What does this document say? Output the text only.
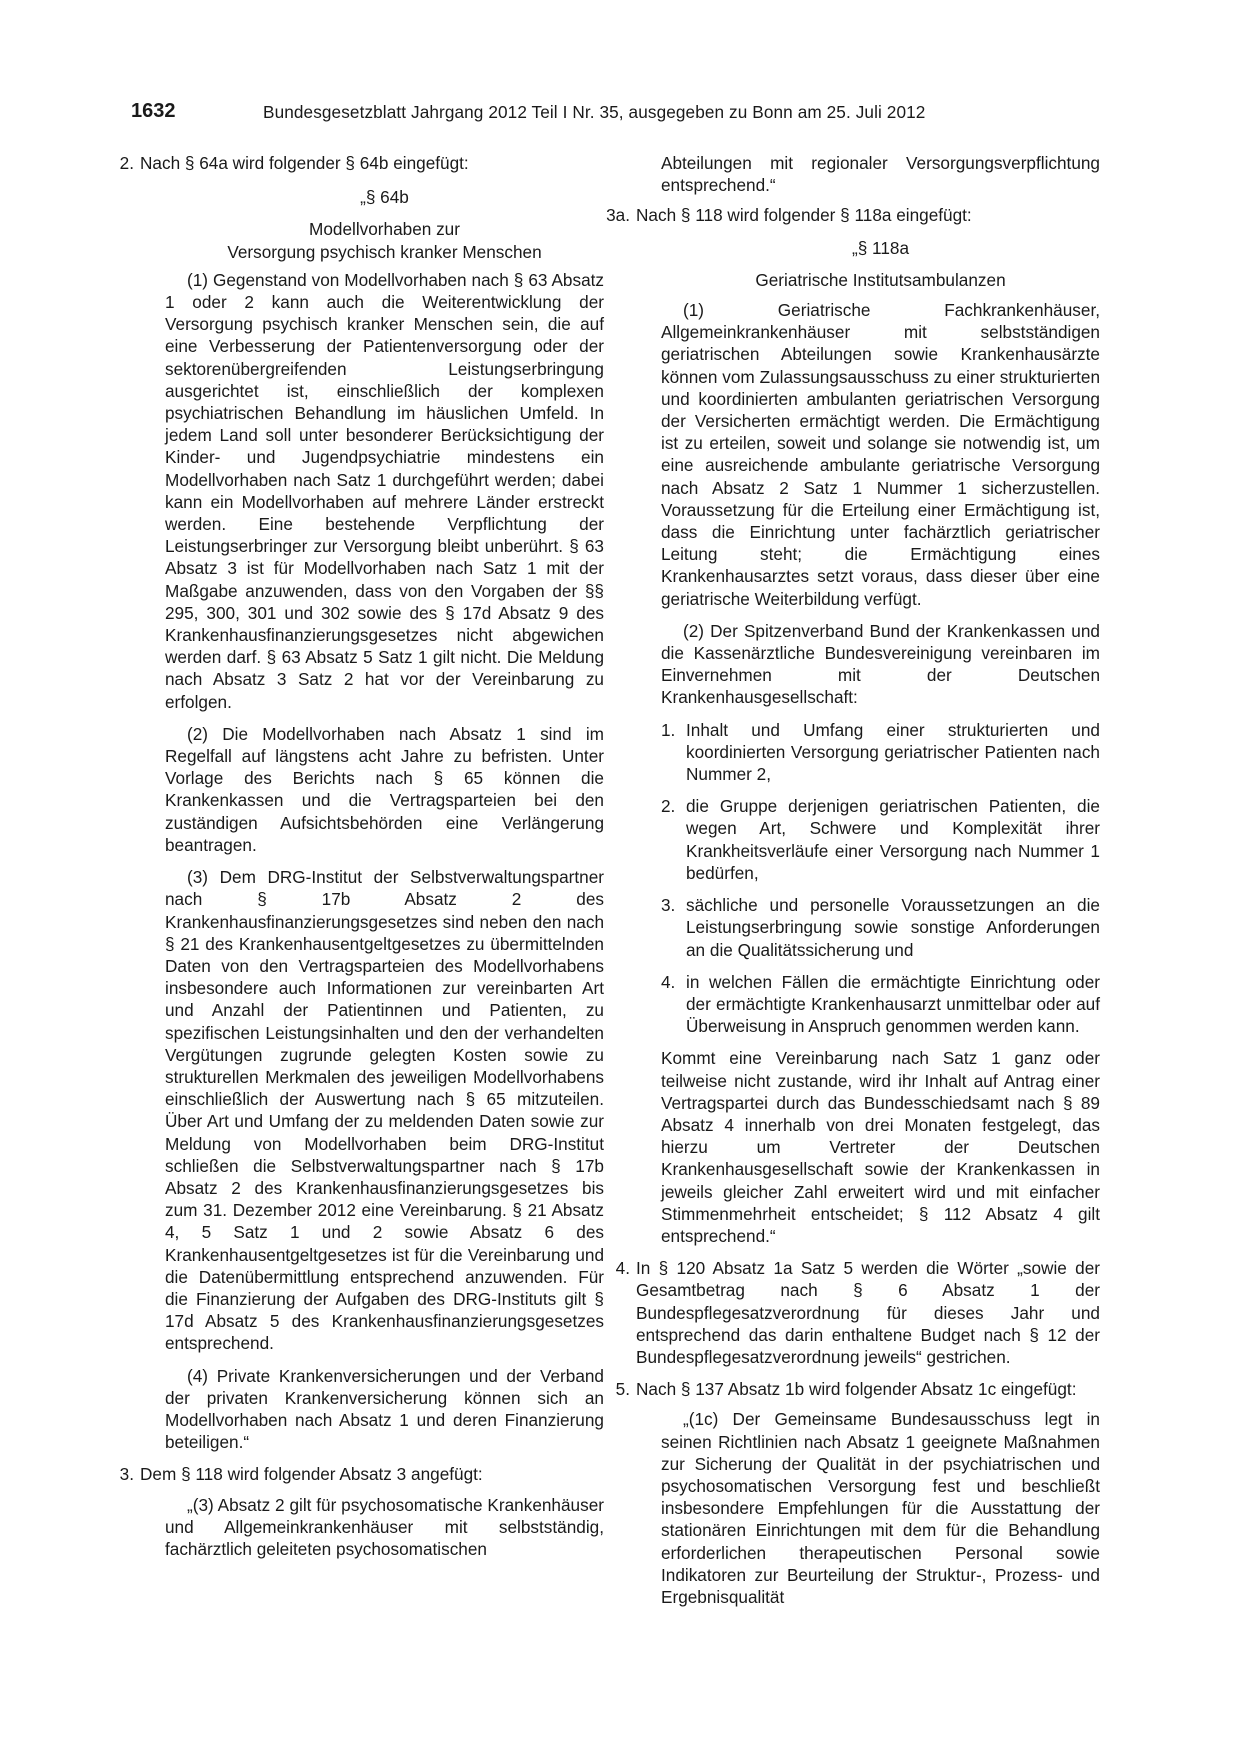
1632	Bundesgesetzblatt Jahrgang 2012 Teil I Nr. 35, ausgegeben zu Bonn am 25. Juli 2012
2. Nach § 64a wird folgender § 64b eingefügt:
„§ 64b
Modellvorhaben zur
Versorgung psychisch kranker Menschen

(1) Gegenstand von Modellvorhaben nach § 63 Absatz 1 oder 2 kann auch die Weiterentwicklung der Versorgung psychisch kranker Menschen sein, die auf eine Verbesserung der Patientenversorgung oder der sektorenübergreifenden Leistungserbringung ausgerichtet ist, einschließlich der komplexen psychiatrischen Behandlung im häuslichen Umfeld. In jedem Land soll unter besonderer Berücksichtigung der Kinder- und Jugendpsychiatrie mindestens ein Modellvorhaben nach Satz 1 durchgeführt werden; dabei kann ein Modellvorhaben auf mehrere Länder erstreckt werden. Eine bestehende Verpflichtung der Leistungserbringer zur Versorgung bleibt unberührt. § 63 Absatz 3 ist für Modellvorhaben nach Satz 1 mit der Maßgabe anzuwenden, dass von den Vorgaben der §§ 295, 300, 301 und 302 sowie des § 17d Absatz 9 des Krankenhausfinanzierungsgesetzes nicht abgewichen werden darf. § 63 Absatz 5 Satz 1 gilt nicht. Die Meldung nach Absatz 3 Satz 2 hat vor der Vereinbarung zu erfolgen.

(2) Die Modellvorhaben nach Absatz 1 sind im Regelfall auf längstens acht Jahre zu befristen. Unter Vorlage des Berichts nach § 65 können die Krankenkassen und die Vertragsparteien bei den zuständigen Aufsichtsbehörden eine Verlängerung beantragen.

(3) Dem DRG-Institut der Selbstverwaltungspartner nach § 17b Absatz 2 des Krankenhausfinanzierungsgesetzes sind neben den nach § 21 des Krankenhausentgeltgesetzes zu übermittelnden Daten von den Vertragsparteien des Modellvorhabens insbesondere auch Informationen zur vereinbarten Art und Anzahl der Patientinnen und Patienten, zu spezifischen Leistungsinhalten und den der verhandelten Vergütungen zugrunde gelegten Kosten sowie zu strukturellen Merkmalen des jeweiligen Modellvorhabens einschließlich der Auswertung nach § 65 mitzuteilen. Über Art und Umfang der zu meldenden Daten sowie zur Meldung von Modellvorhaben beim DRG-Institut schließen die Selbstverwaltungspartner nach § 17b Absatz 2 des Krankenhausfinanzierungsgesetzes bis zum 31. Dezember 2012 eine Vereinbarung. § 21 Absatz 4, 5 Satz 1 und 2 sowie Absatz 6 des Krankenhausentgeltgesetzes ist für die Vereinbarung und die Datenübermittlung entsprechend anzuwenden. Für die Finanzierung der Aufgaben des DRG-Instituts gilt § 17d Absatz 5 des Krankenhausfinanzierungsgesetzes entsprechend.

(4) Private Krankenversicherungen und der Verband der privaten Krankenversicherung können sich an Modellvorhaben nach Absatz 1 und deren Finanzierung beteiligen.“

3. Dem § 118 wird folgender Absatz 3 angefügt:

„(3) Absatz 2 gilt für psychosomatische Krankenhäuser und Allgemeinkrankenhäuser mit selbstständig, fachärztlich geleiteten psychosomatischen

Abteilungen mit regionaler Versorgungsverpflichtung entsprechend.“

3a. Nach § 118 wird folgender § 118a eingefügt:
„§ 118a
Geriatrische Institutsambulanzen

(1) Geriatrische Fachkrankenhäuser, Allgemeinkrankenhäuser mit selbstständigen geriatrischen Abteilungen sowie Krankenhausärzte können vom Zulassungsausschuss zu einer strukturierten und koordinierten ambulanten geriatrischen Versorgung der Versicherten ermächtigt werden. Die Ermächtigung ist zu erteilen, soweit und solange sie notwendig ist, um eine ausreichende ambulante geriatrische Versorgung nach Absatz 2 Satz 1 Nummer 1 sicherzustellen. Voraussetzung für die Erteilung einer Ermächtigung ist, dass die Einrichtung unter fachärztlich geriatrischer Leitung steht; die Ermächtigung eines Krankenhausarztes setzt voraus, dass dieser über eine geriatrische Weiterbildung verfügt.

(2) Der Spitzenverband Bund der Krankenkassen und die Kassenärztliche Bundesvereinigung vereinbaren im Einvernehmen mit der Deutschen Krankenhausgesellschaft:

1. Inhalt und Umfang einer strukturierten und koordinierten Versorgung geriatrischer Patienten nach Nummer 2,
2. die Gruppe derjenigen geriatrischen Patienten, die wegen Art, Schwere und Komplexität ihrer Krankheitsverläufe einer Versorgung nach Nummer 1 bedürfen,
3. sächliche und personelle Voraussetzungen an die Leistungserbringung sowie sonstige Anforderungen an die Qualitätssicherung und
4. in welchen Fällen die ermächtigte Einrichtung oder der ermächtigte Krankenhausarzt unmittelbar oder auf Überweisung in Anspruch genommen werden kann.

Kommt eine Vereinbarung nach Satz 1 ganz oder teilweise nicht zustande, wird ihr Inhalt auf Antrag einer Vertragspartei durch das Bundesschiedsamt nach § 89 Absatz 4 innerhalb von drei Monaten festgelegt, das hierzu um Vertreter der Deutschen Krankenhausgesellschaft sowie der Krankenkassen in jeweils gleicher Zahl erweitert wird und mit einfacher Stimmenmehrheit entscheidet; § 112 Absatz 4 gilt entsprechend.“

4. In § 120 Absatz 1a Satz 5 werden die Wörter „sowie der Gesamtbetrag nach § 6 Absatz 1 der Bundespflegesatzverordnung für dieses Jahr und entsprechend das darin enthaltene Budget nach § 12 der Bundespflegesatzverordnung jeweils“ gestrichen.
5. Nach § 137 Absatz 1b wird folgender Absatz 1c eingefügt:

„(1c) Der Gemeinsame Bundesausschuss legt in seinen Richtlinien nach Absatz 1 geeignete Maßnahmen zur Sicherung der Qualität in der psychiatrischen und psychosomatischen Versorgung fest und beschließt insbesondere Empfehlungen für die Ausstattung der stationären Einrichtungen mit dem für die Behandlung erforderlichen therapeutischen Personal sowie Indikatoren zur Beurteilung der Struktur-, Prozess- und Ergebnisqualität
